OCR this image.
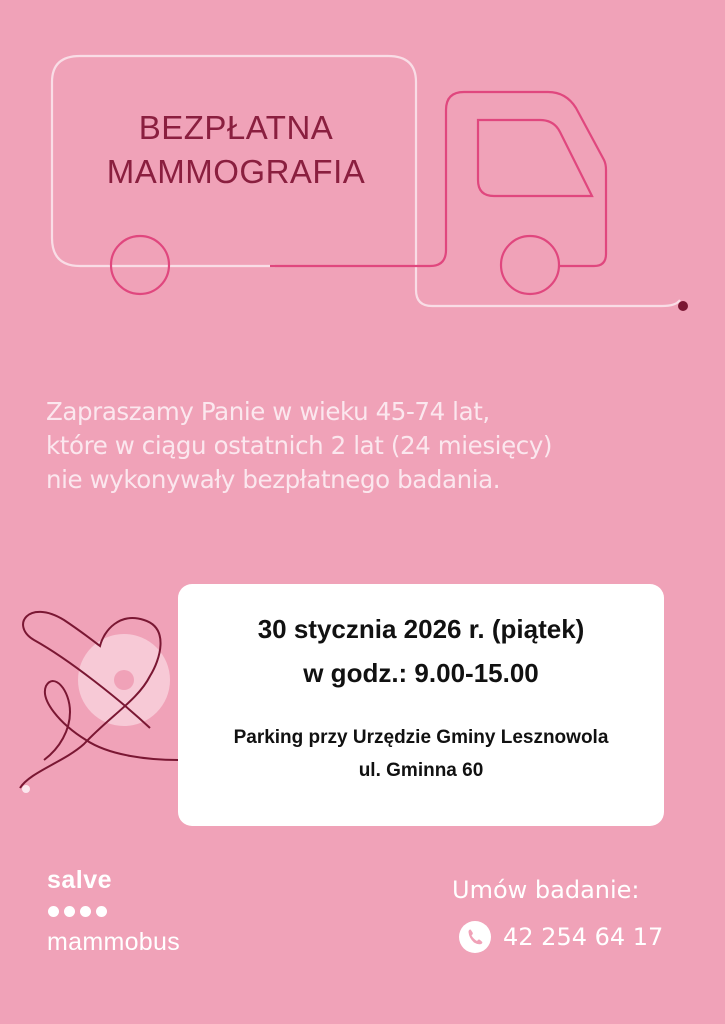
BEZPŁATNA
MAMMOGRAFIA
Zapraszamy Panie w wieku 45-74 lat,
które w ciągu ostatnich 2 lat (24 miesięcy)
nie wykonywały bezpłatnego badania.
30 stycznia 2026 r. (piątek)
w godz.: 9.00-15.00
Parking przy Urzędzie Gminy Lesznowola
ul. Gminna 60
salve
mammobus
Umów badanie:
42 254 64 17
